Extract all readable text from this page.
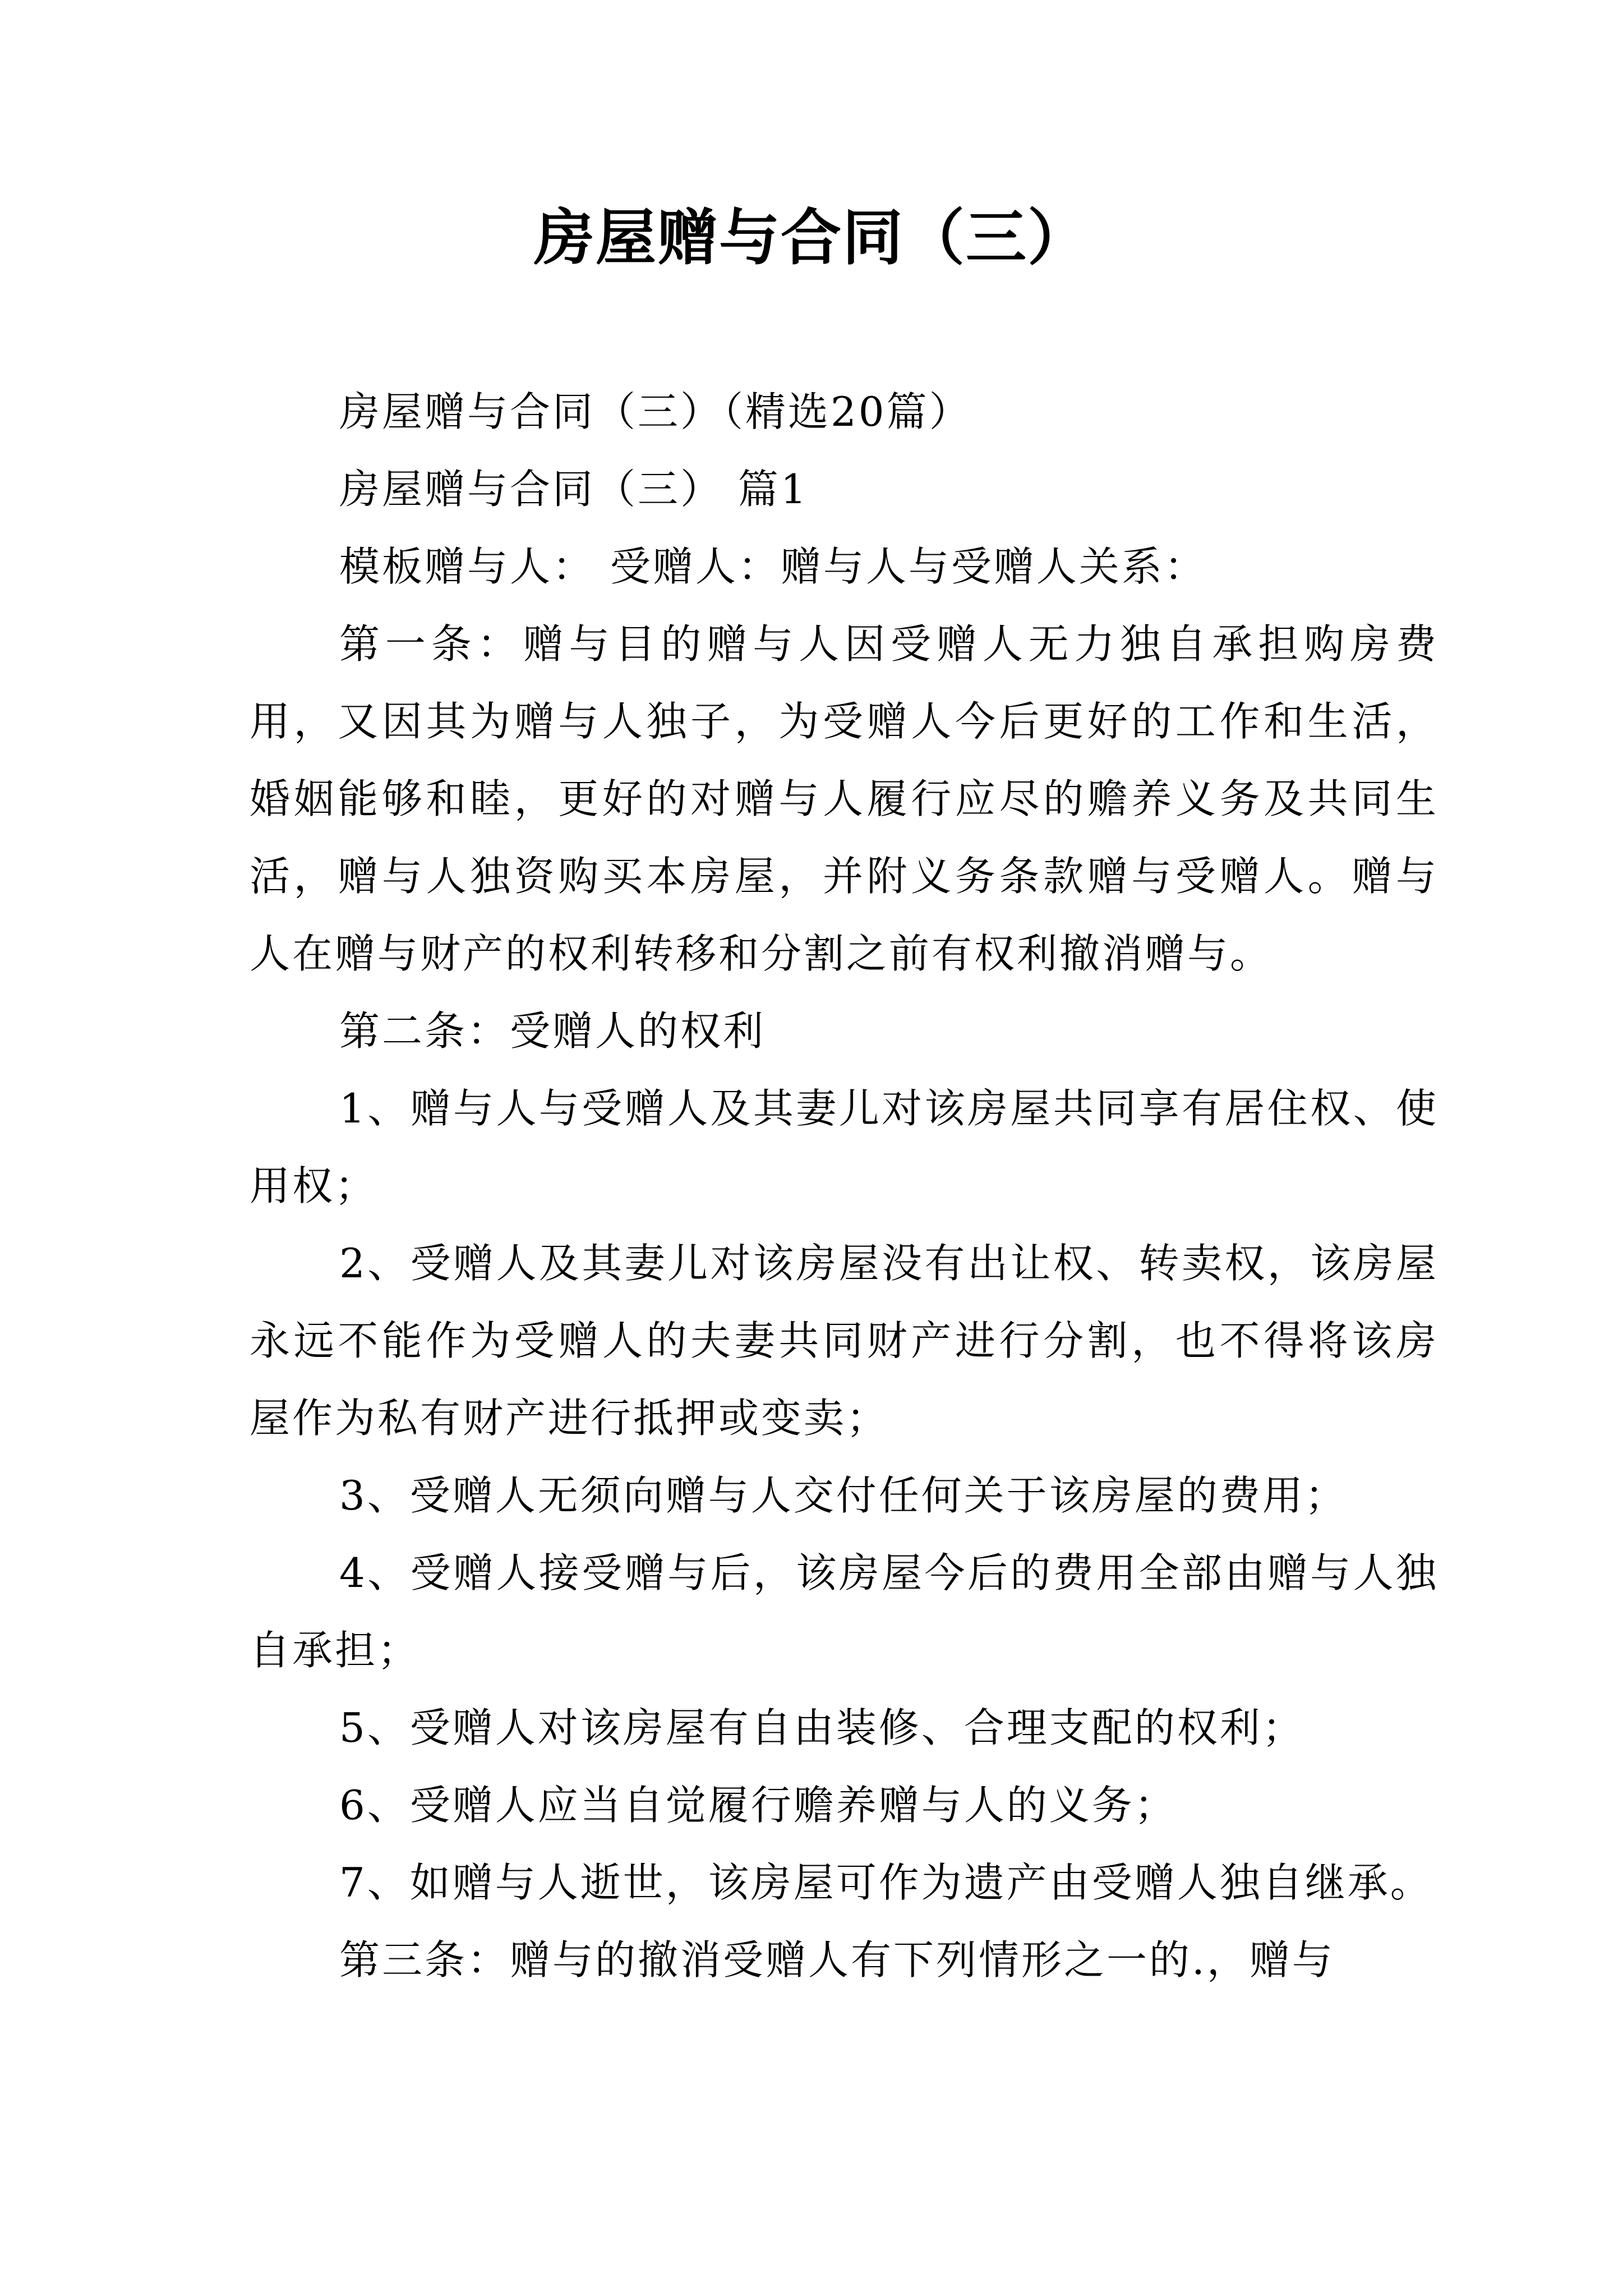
房屋赠与合同（三）

房屋赠与合同（三）（精选20篇）

房屋赠与合同（三） 篇1

模板赠与人： 受赠人：赠与人与受赠人关系：

第一条：赠与目的赠与人因受赠人无力独自承担购房费用，又因其为赠与人独子，为受赠人今后更好的工作和生活，婚姻能够和睦，更好的对赠与人履行应尽的赡养义务及共同生活，赠与人独资购买本房屋，并附义务条款赠与受赠人。赠与人在赠与财产的权利转移和分割之前有权利撤消赠与。

第二条：受赠人的权利

1、赠与人与受赠人及其妻儿对该房屋共同享有居住权、使用权；

2、受赠人及其妻儿对该房屋没有出让权、转卖权，该房屋永远不能作为受赠人的夫妻共同财产进行分割，也不得将该房屋作为私有财产进行抵押或变卖；

3、受赠人无须向赠与人交付任何关于该房屋的费用；

4、受赠人接受赠与后，该房屋今后的费用全部由赠与人独自承担；

5、受赠人对该房屋有自由装修、合理支配的权利；

6、受赠人应当自觉履行赡养赠与人的义务；

7、如赠与人逝世，该房屋可作为遗产由受赠人独自继承。

第三条：赠与的撤消受赠人有下列情形之一的.，赠与
